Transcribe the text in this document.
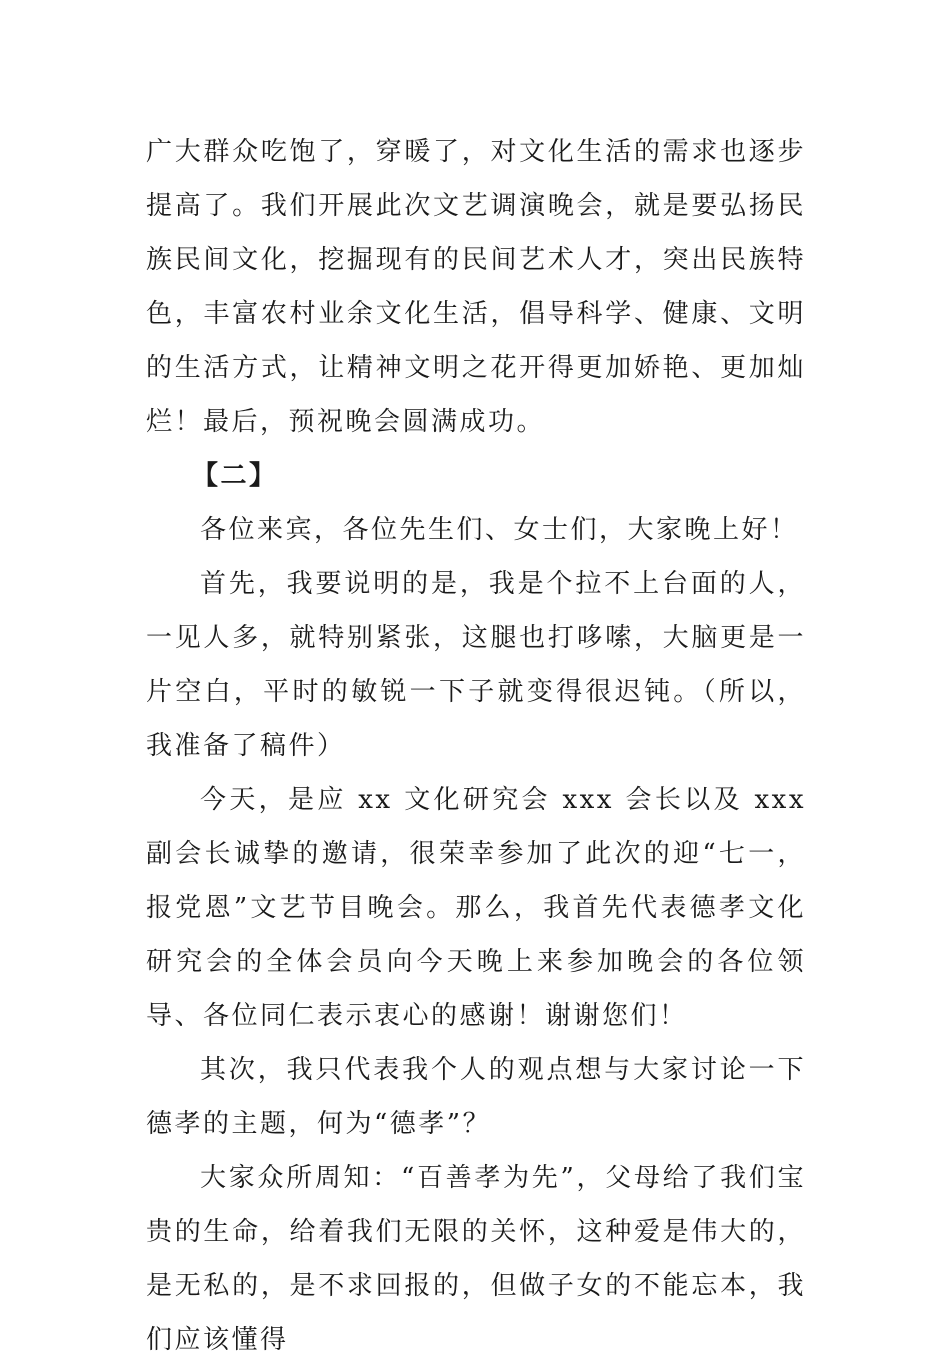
广大群众吃饱了，穿暖了，对文化生活的需求也逐步提高了。我们开展此次文艺调演晚会，就是要弘扬民族民间文化，挖掘现有的民间艺术人才，突出民族特色，丰富农村业余文化生活，倡导科学、健康、文明的生活方式，让精神文明之花开得更加娇艳、更加灿烂！最后，预祝晚会圆满成功。

【二】

各位来宾，各位先生们、女士们，大家晚上好！

首先，我要说明的是，我是个拉不上台面的人，一见人多，就特别紧张，这腿也打哆嗦，大脑更是一片空白，平时的敏锐一下子就变得很迟钝。（所以，我准备了稿件）

今天，是应 xx 文化研究会 xxx 会长以及 xxx 副会长诚挚的邀请，很荣幸参加了此次的迎“七一，报党恩”文艺节目晚会。那么，我首先代表德孝文化研究会的全体会员向今天晚上来参加晚会的各位领导、各位同仁表示衷心的感谢！谢谢您们！

其次，我只代表我个人的观点想与大家讨论一下德孝的主题，何为“德孝”？

大家众所周知：“百善孝为先”，父母给了我们宝贵的生命，给着我们无限的关怀，这种爱是伟大的，是无私的，是不求回报的，但做子女的不能忘本，我们应该懂得
